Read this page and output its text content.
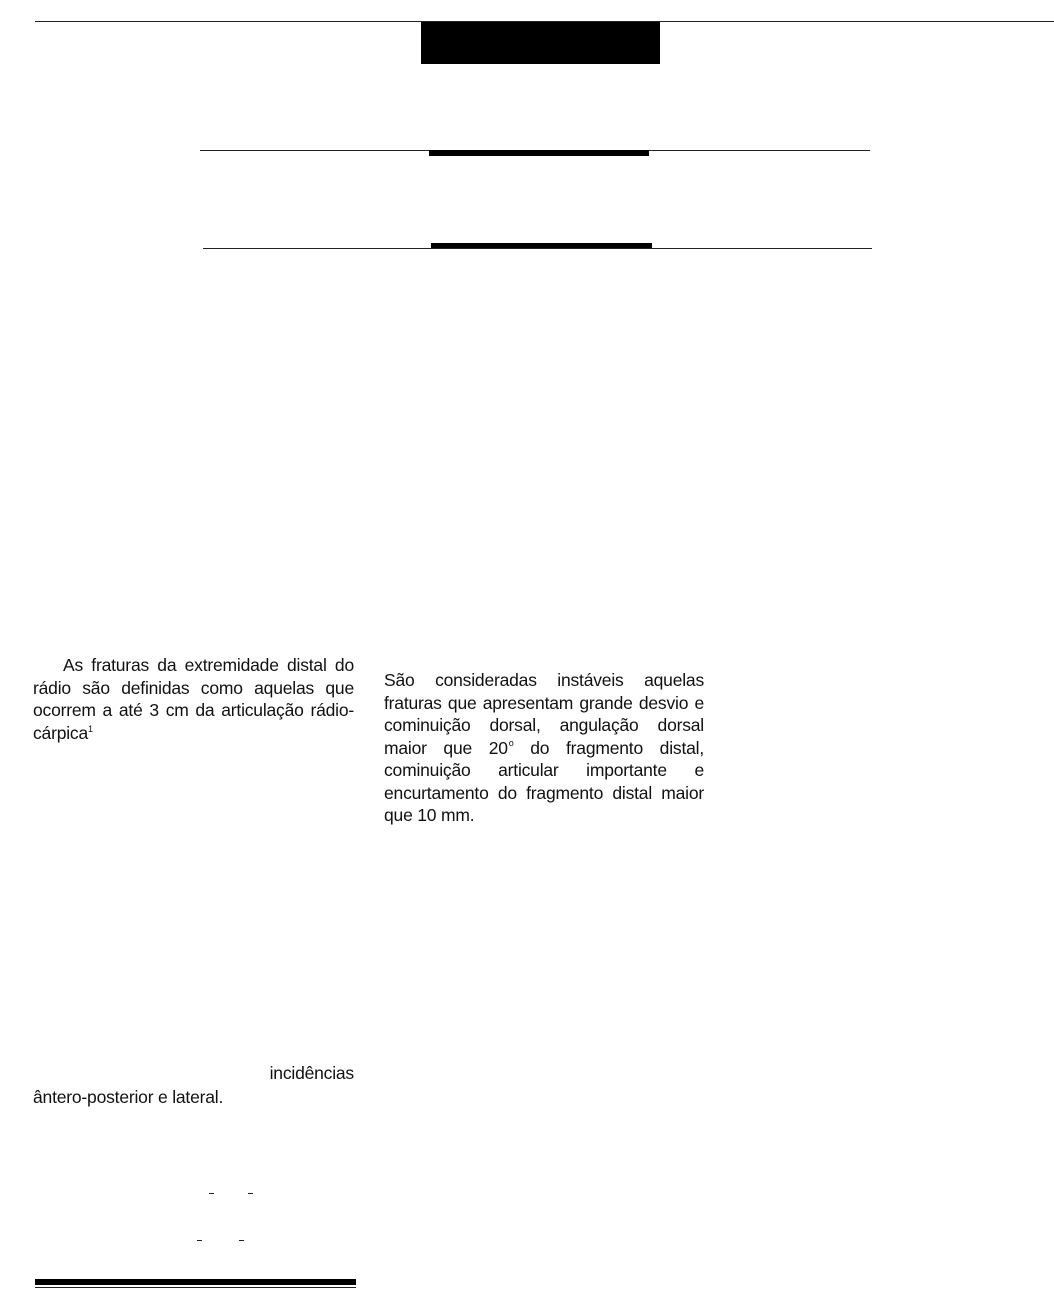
As fraturas da extremidade distal do rádio são definidas como aquelas que ocorrem a até 3 cm da articulação rádio-cárpica$^1$

São consideradas instáveis aquelas fraturas que apresentam grande desvio e cominuição dorsal, angulação dorsal maior que 20$^o$ do fragmento distal, cominuição articular importante e encurtamento do fragmento distal maior que 10 mm.

incidências
ântero-posterior e lateral.
